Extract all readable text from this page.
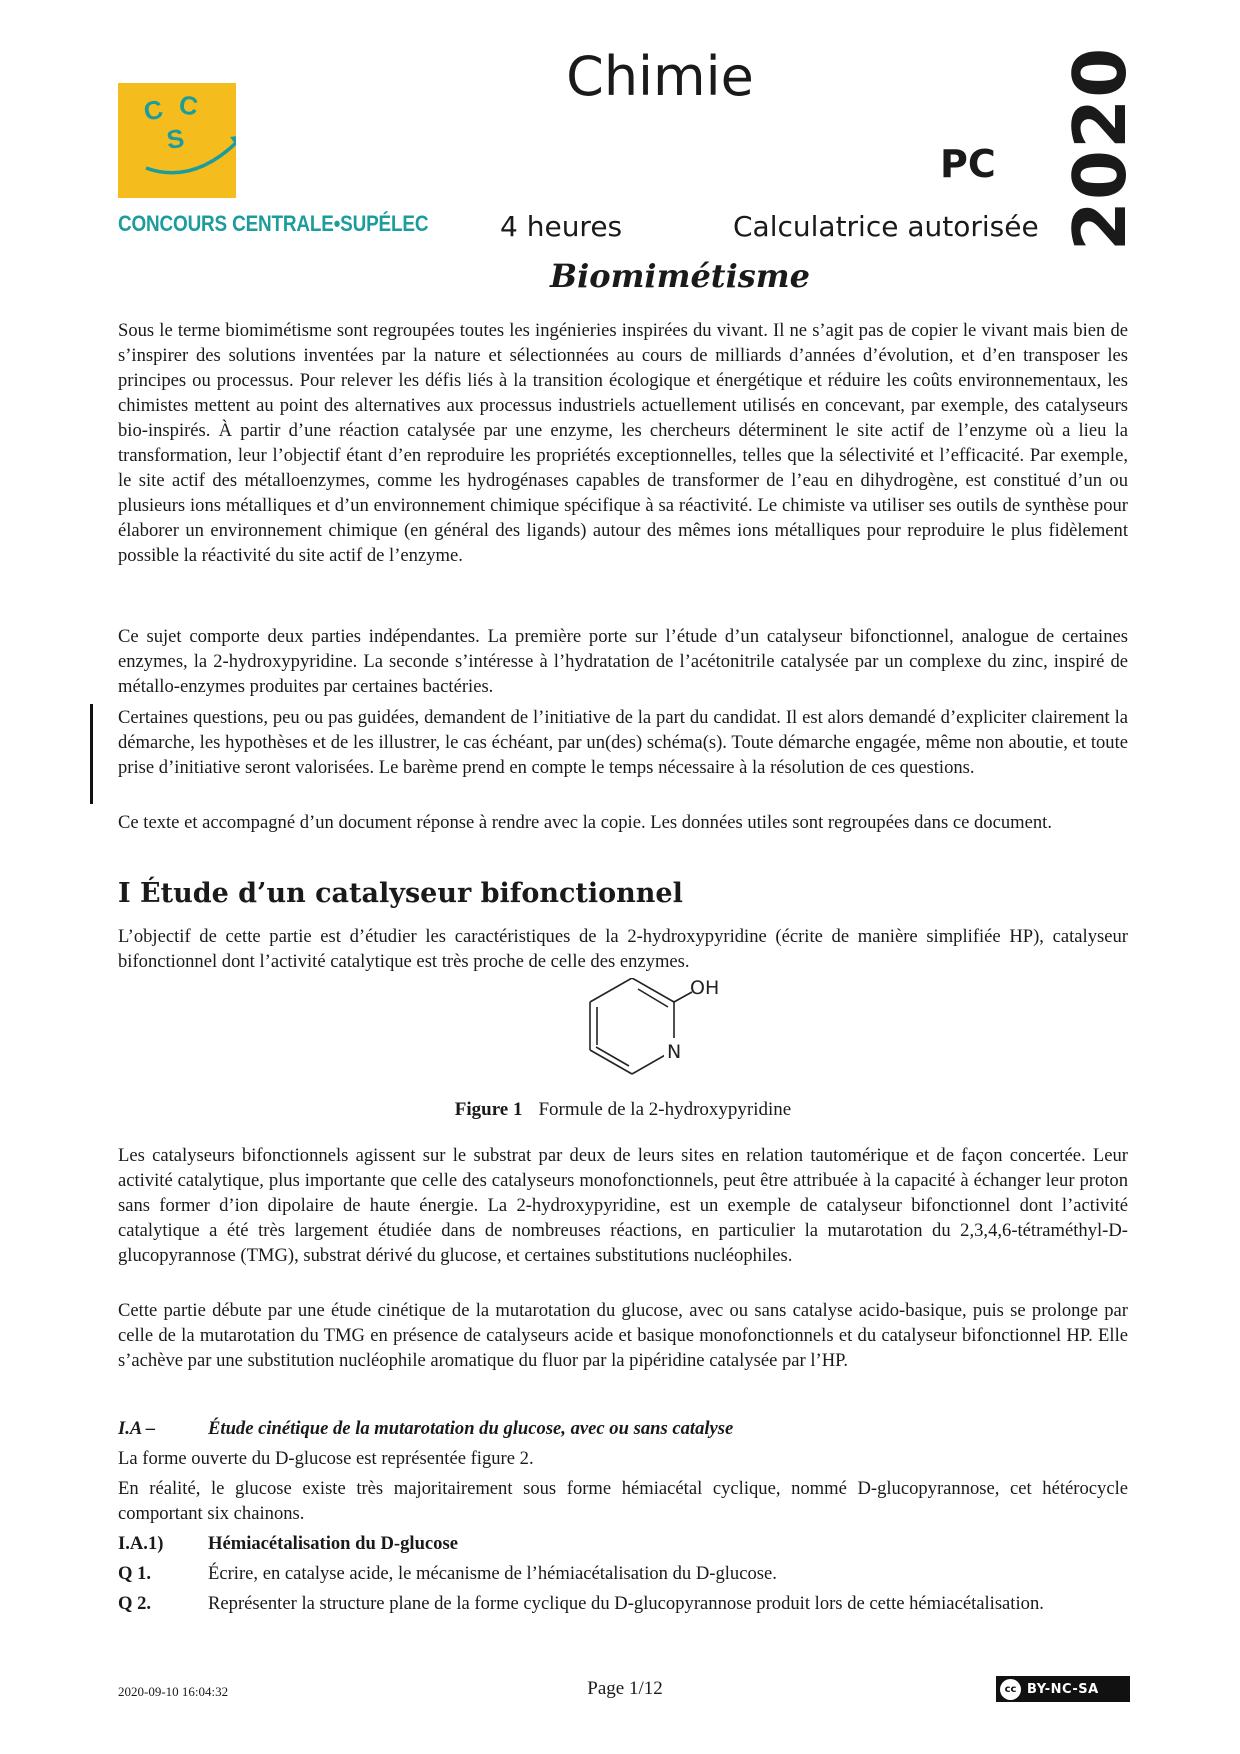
C C
S
CONCOURS CENTRALE•SUPÉLEC
Chimie
PC 2020
4 heures	Calculatrice autorisée
Biomimétisme
Sous le terme biomimétisme sont regroupées toutes les ingénieries inspirées du vivant. Il ne s’agit pas de copier le vivant mais bien de s’inspirer des solutions inventées par la nature et sélectionnées au cours de milliards d’années d’évolution, et d’en transposer les principes ou processus. Pour relever les défis liés à la transition écologique et énergétique et réduire les coûts environnementaux, les chimistes mettent au point des alternatives aux processus industriels actuellement utilisés en concevant, par exemple, des catalyseurs bio-inspirés. À partir d’une réaction catalysée par une enzyme, les chercheurs déterminent le site actif de l’enzyme où a lieu la transformation, leur l’objectif étant d’en reproduire les propriétés exceptionnelles, telles que la sélectivité et l’efficacité. Par exemple, le site actif des métalloenzymes, comme les hydrogénases capables de transformer de l’eau en dihydrogène, est constitué d’un ou plusieurs ions métalliques et d’un environnement chimique spécifique à sa réactivité. Le chimiste va utiliser ses outils de synthèse pour élaborer un environnement chimique (en général des ligands) autour des mêmes ions métalliques pour reproduire le plus fidèlement possible la réactivité du site actif de l’enzyme.
Ce sujet comporte deux parties indépendantes. La première porte sur l’étude d’un catalyseur bifonctionnel, analogue de certaines enzymes, la 2-hydroxypyridine. La seconde s’intéresse à l’hydratation de l’acétonitrile catalysée par un complexe du zinc, inspiré de métallo-enzymes produites par certaines bactéries.
Certaines questions, peu ou pas guidées, demandent de l’initiative de la part du candidat. Il est alors demandé d’expliciter clairement la démarche, les hypothèses et de les illustrer, le cas échéant, par un(des) schéma(s). Toute démarche engagée, même non aboutie, et toute prise d’initiative seront valorisées. Le barème prend en compte le temps nécessaire à la résolution de ces questions.
Ce texte et accompagné d’un document réponse à rendre avec la copie. Les données utiles sont regroupées dans ce document.
I Étude d’un catalyseur bifonctionnel
L’objectif de cette partie est d’étudier les caractéristiques de la 2-hydroxypyridine (écrite de manière simplifiée HP), catalyseur bifonctionnel dont l’activité catalytique est très proche de celle des enzymes.
N
OH
Figure 1 Formule de la 2-hydroxypyridine
Les catalyseurs bifonctionnels agissent sur le substrat par deux de leurs sites en relation tautomérique et de façon concertée. Leur activité catalytique, plus importante que celle des catalyseurs monofonctionnels, peut être attribuée à la capacité à échanger leur proton sans former d’ion dipolaire de haute énergie. La 2-hydroxypyridine, est un exemple de catalyseur bifonctionnel dont l’activité catalytique a été très largement étudiée dans de nombreuses réactions, en particulier la mutarotation du 2,3,4,6-tétraméthyl-D-glucopyrannose (TMG), substrat dérivé du glucose, et certaines substitutions nucléophiles.
Cette partie débute par une étude cinétique de la mutarotation du glucose, avec ou sans catalyse acido-basique, puis se prolonge par celle de la mutarotation du TMG en présence de catalyseurs acide et basique monofonctionnels et du catalyseur bifonctionnel HP. Elle s’achève par une substitution nucléophile aromatique du fluor par la pipéridine catalysée par l’HP.
I.A –	Étude cinétique de la mutarotation du glucose, avec ou sans catalyse
La forme ouverte du D-glucose est représentée figure 2.
En réalité, le glucose existe très majoritairement sous forme hémiacétal cyclique, nommé D-glucopyrannose, cet hétérocycle comportant six chainons.
I.A.1) Hémiacétalisation du D-glucose
Q 1.	Écrire, en catalyse acide, le mécanisme de l’hémiacétalisation du D-glucose.
Q 2.	Représenter la structure plane de la forme cyclique du D-glucopyrannose produit lors de cette hémiacétalisation.
2020-09-10 16:04:32	Page 1/12	cc BY-NC-SA
